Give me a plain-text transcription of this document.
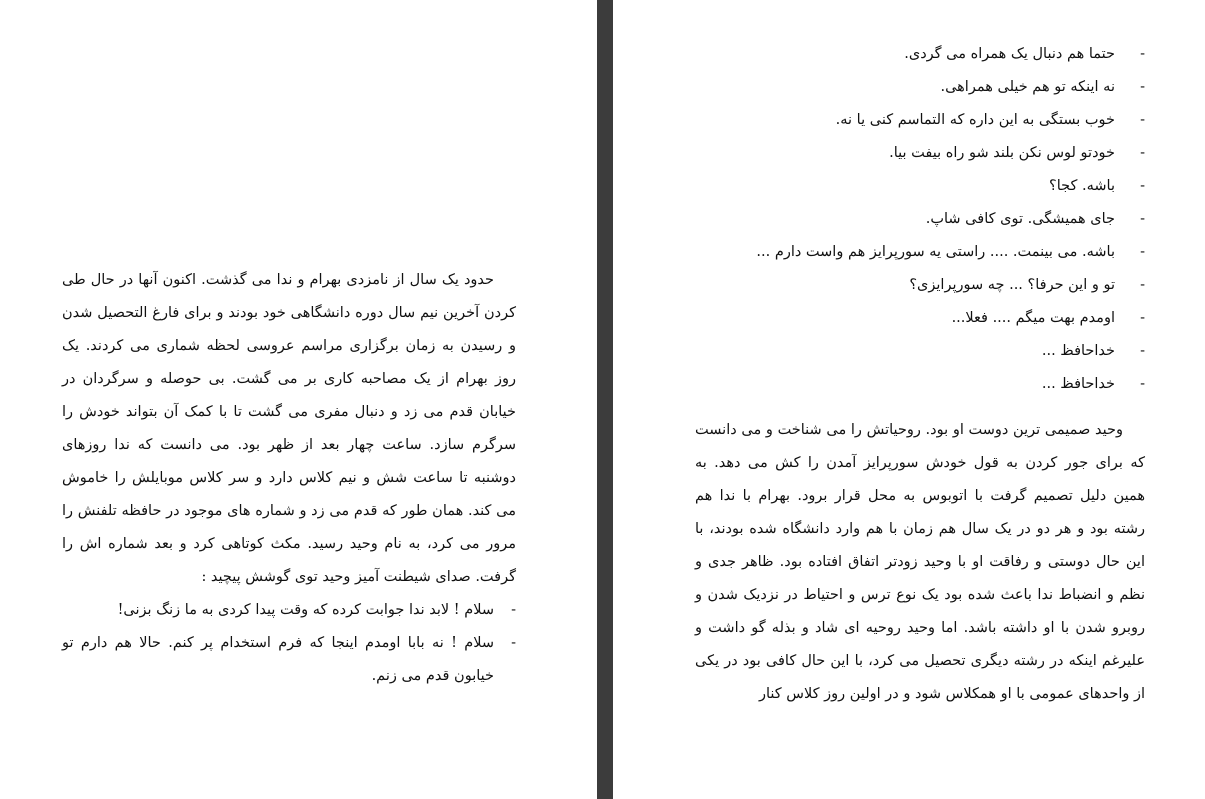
حدود یک سال از نامزدی بهرام و ندا می گذشت. اکنون آنها در حال طی کردن آخرین نیم سال دوره دانشگاهی خود بودند و برای فارغ التحصیل شدن و رسیدن به زمان برگزاری مراسم عروسی لحظه شماری می کردند. یک روز بهرام از یک مصاحبه کاری بر می گشت. بی حوصله و سرگردان در خیابان قدم می زد و دنبال مفری می گشت تا با کمک آن بتواند خودش را سرگرم سازد. ساعت چهار بعد از ظهر بود. می دانست که ندا روزهای دوشنبه تا ساعت شش و نیم کلاس دارد و سر کلاس موبایلش را خاموش می کند. همان طور که قدم می زد و شماره های موجود در حافظه تلفنش را مرور می کرد، به نام وحید رسید. مکث کوتاهی کرد و بعد شماره اش را گرفت. صدای شیطنت آمیز وحید توی گوشش پیچید :

-
سلام ! لابد ندا جوابت کرده که وقت پیدا کردی به ما زنگ بزنی!

-
سلام ! نه بابا اومدم اینجا که فرم استخدام پر کنم. حالا هم دارم تو خیابون قدم می زنم.

-
حتما هم دنبال یک همراه می گردی.

-
نه اینکه تو هم خیلی همراهی.

-
خوب بستگی به این داره که التماسم کنی یا نه.

-
خودتو لوس نکن بلند شو راه بیفت بیا.

-
باشه. کجا؟

-
جای همیشگی. توی کافی شاپ.

-
باشه. می بینمت. .... راستی یه سورپرایز هم واست دارم ...

-
تو و این حرفا؟ ... چه سورپرایزی؟

-
اومدم بهت میگم .... فعلا...

-
خداحافظ ...

-
خداحافظ ...

وحید صمیمی ترین دوست او بود. روحیاتش را می شناخت و می دانست که برای جور کردن به قول خودش سورپرایز آمدن را کش می دهد. به همین دلیل تصمیم گرفت با اتوبوس به محل قرار برود. بهرام با ندا هم رشته بود و هر دو در یک سال هم زمان با هم وارد دانشگاه شده بودند، با این حال دوستی و رفاقت او با وحید زودتر اتفاق افتاده بود. ظاهر جدی و نظم و انضباط ندا باعث شده بود یک نوع ترس و احتیاط در نزدیک شدن و روبرو شدن با او داشته باشد. اما وحید روحیه ای شاد و بذله گو داشت و علیرغم اینکه در رشته دیگری تحصیل می کرد، با این حال کافی بود در یکی از واحدهای عمومی با او همکلاس شود و در اولین روز کلاس کنار
